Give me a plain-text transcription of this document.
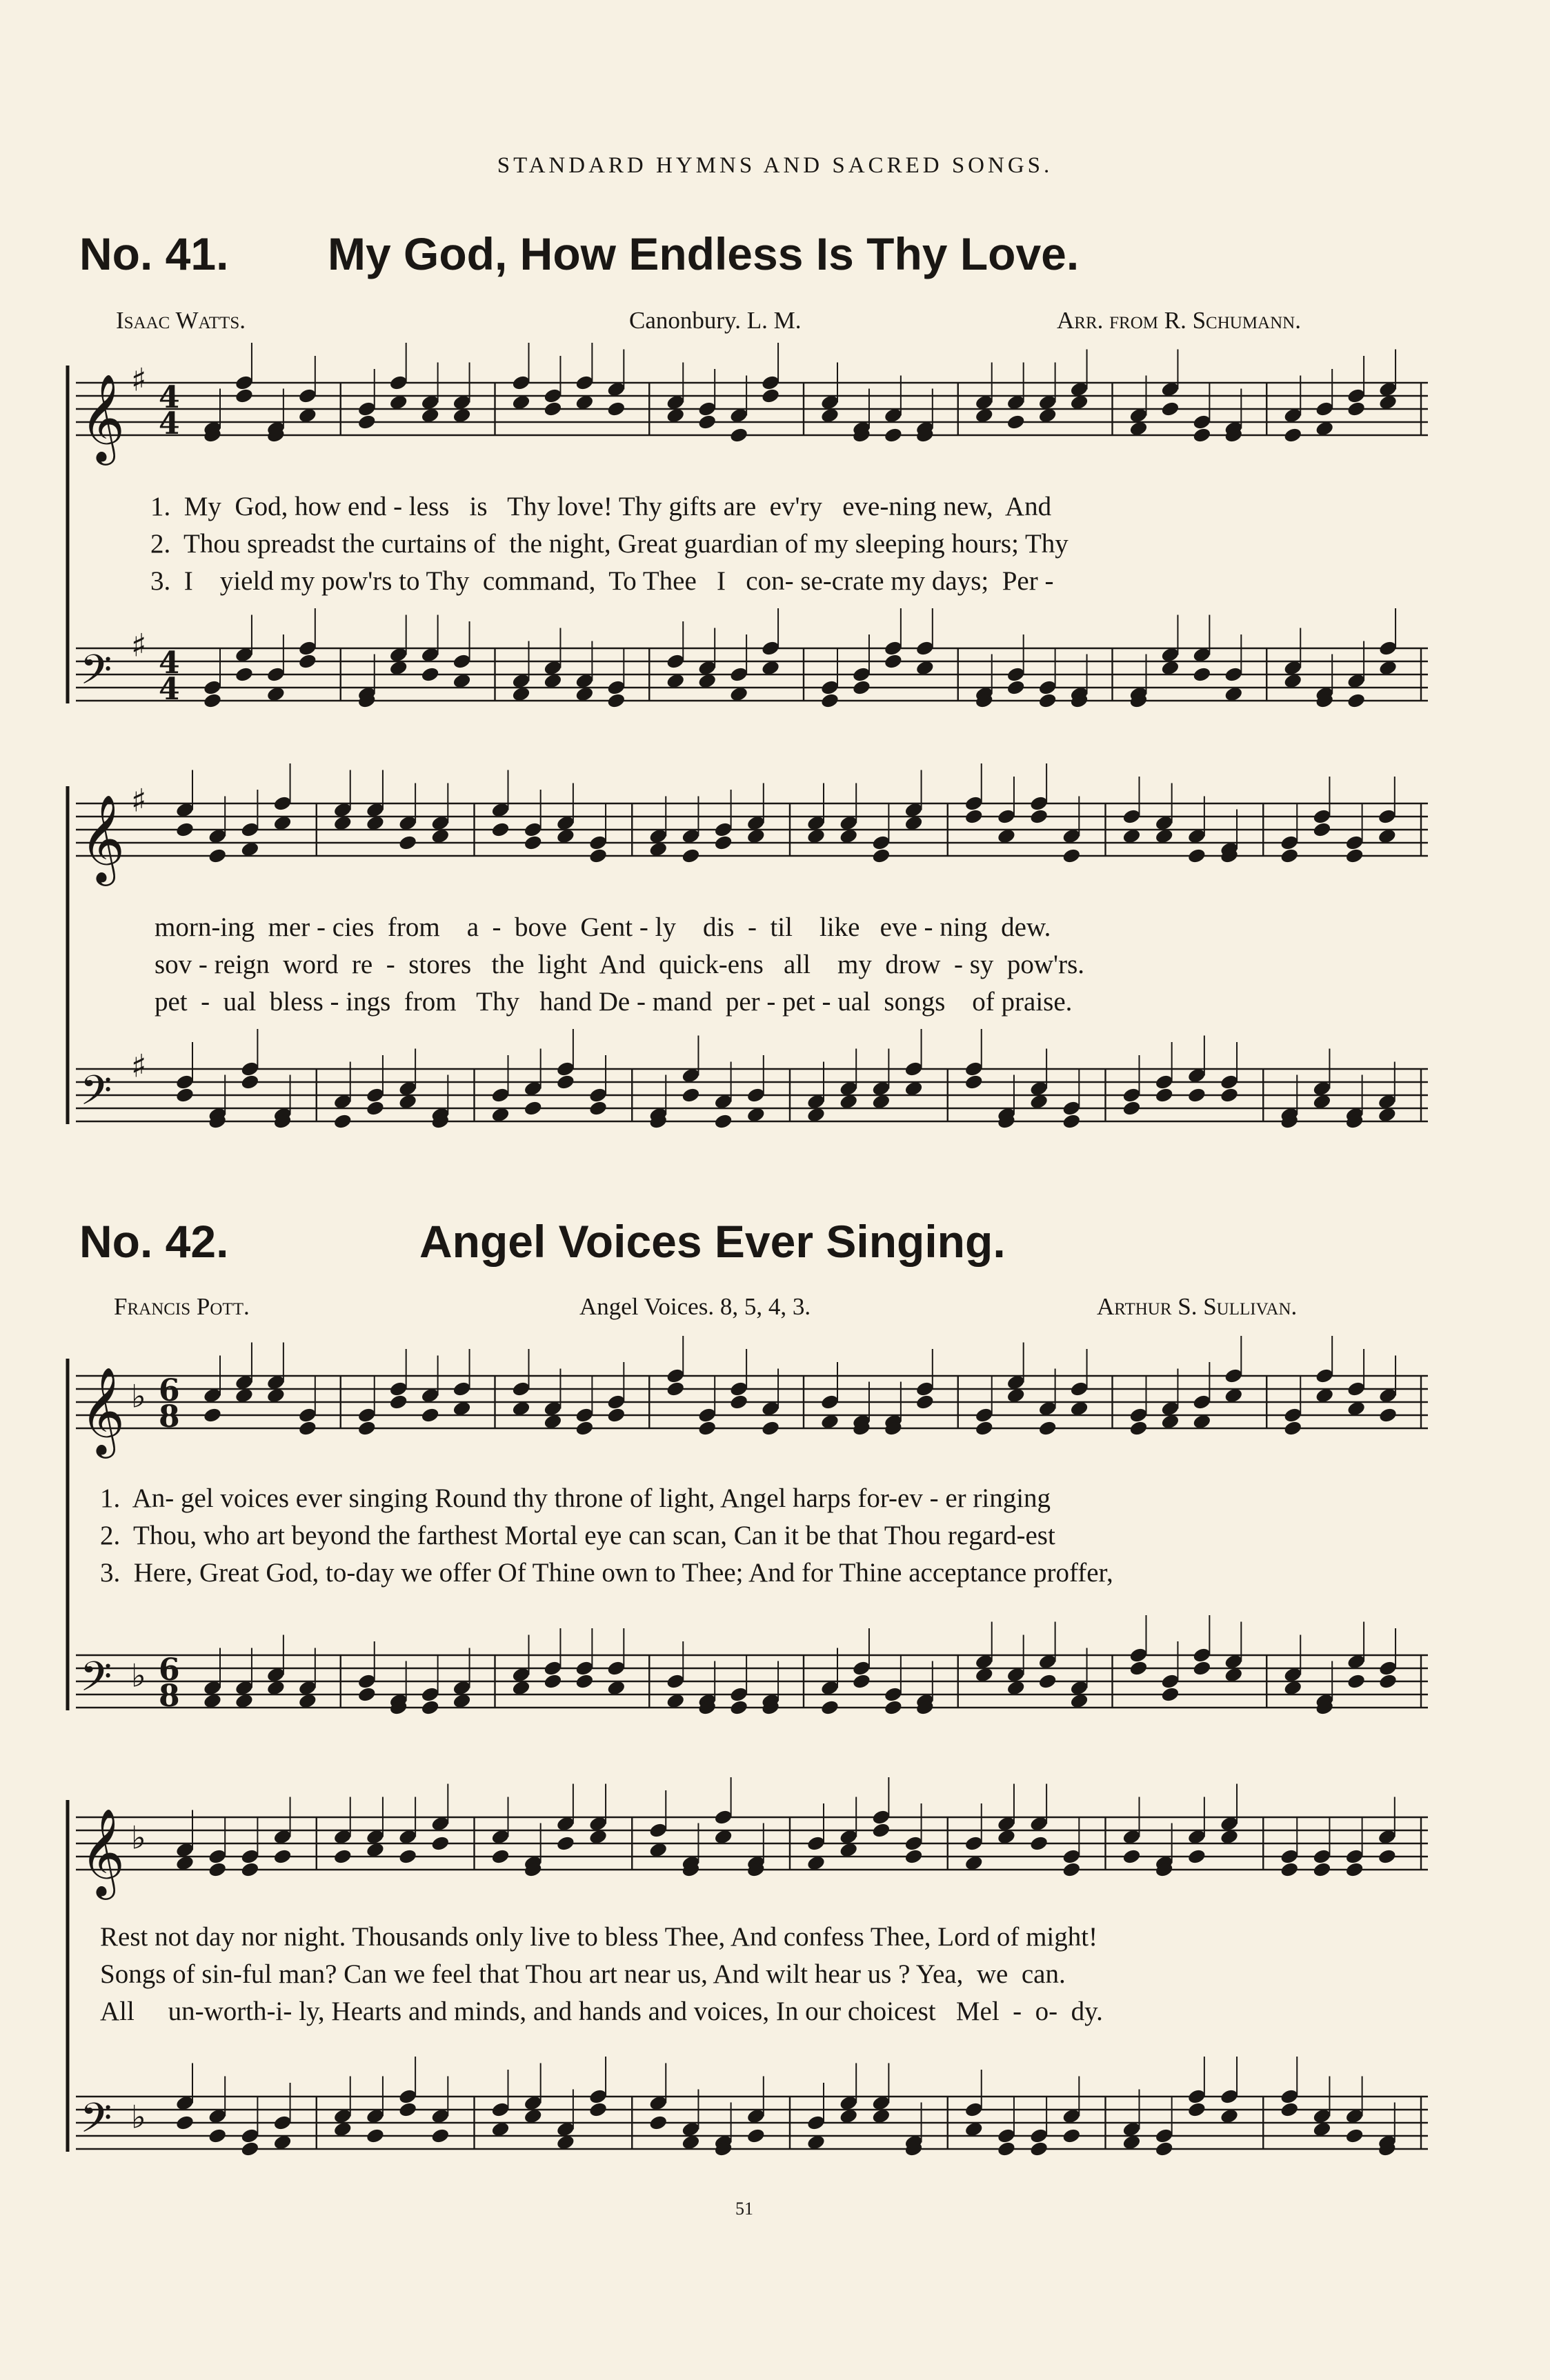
STANDARD HYMNS AND SACRED SONGS.
No. 41. My God, How Endless Is Thy Love.
Isaac Watts.	Canonbury. L. M.	Arr. from R. Schumann.
𝄞 ♯ 4
4
𝄢
♯ 4
4
1.  My  God, how end - less   is   Thy love! Thy gifts are  ev'ry   eve-ning new,  And
2.  Thou spreadst the curtains of  the night, Great guardian of my sleeping hours; Thy
3.  I    yield my pow'rs to Thy  command,  To Thee   I   con- se-crate my days;  Per -
𝄞 ♯
𝄢
♯
morn-ing  mer - cies  from    a  -  bove  Gent - ly    dis  -  til    like   eve - ning  dew.
sov - reign  word  re  -  stores   the  light  And  quick-ens   all    my  drow  - sy  pow'rs.
pet  -  ual  bless - ings  from   Thy   hand De - mand  per - pet - ual  songs    of praise.
No. 42.	Angel Voices Ever Singing.
Francis Pott.	Angel Voices. 8, 5, 4, 3.	Arthur S. Sullivan.
𝄞 ♭ 6
8
𝄢 ♭ 6
8
1.  An- gel voices ever singing Round thy throne of light, Angel harps for-ev - er ringing
2.  Thou, who art beyond the farthest Mortal eye can scan, Can it be that Thou regard-est
3.  Here, Great God, to-day we offer Of Thine own to Thee; And for Thine acceptance proffer,
𝄞 ♭
𝄢 ♭
Rest not day nor night. Thousands only live to bless Thee, And confess Thee, Lord of might!
Songs of sin-ful man? Can we feel that Thou art near us, And wilt hear us ? Yea,  we  can.
All     un-worth-i- ly, Hearts and minds, and hands and voices, In our choicest   Mel  -  o-  dy.
51
